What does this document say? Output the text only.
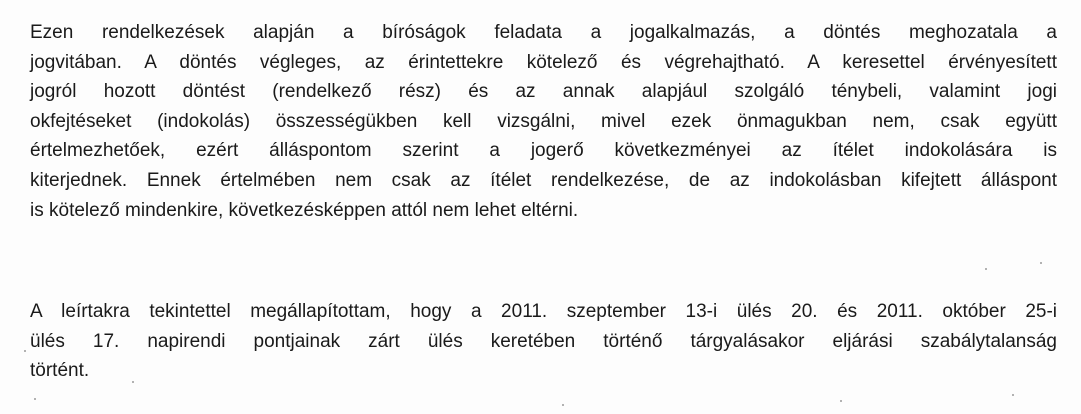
Ezen rendelkezések alapján a bíróságok feladata a jogalkalmazás, a döntés meghozatala a
jogvitában. A döntés végleges, az érintettekre kötelező és végrehajtható. A keresettel érvényesített
jogról hozott döntést (rendelkező rész) és az annak alapjául szolgáló ténybeli, valamint jogi
okfejtéseket (indokolás) összességükben kell vizsgálni, mivel ezek önmagukban nem, csak együtt
értelmezhetőek, ezért álláspontom szerint a jogerő következményei az ítélet indokolására is
kiterjednek. Ennek értelmében nem csak az ítélet rendelkezése, de az indokolásban kifejtett álláspont
is kötelező mindenkire, következésképpen attól nem lehet eltérni.
A leírtakra tekintettel megállapítottam, hogy a 2011. szeptember 13-i ülés 20. és 2011. október 25-i
ülés 17. napirendi pontjainak zárt ülés keretében történő tárgyalásakor eljárási szabálytalanság
történt.
